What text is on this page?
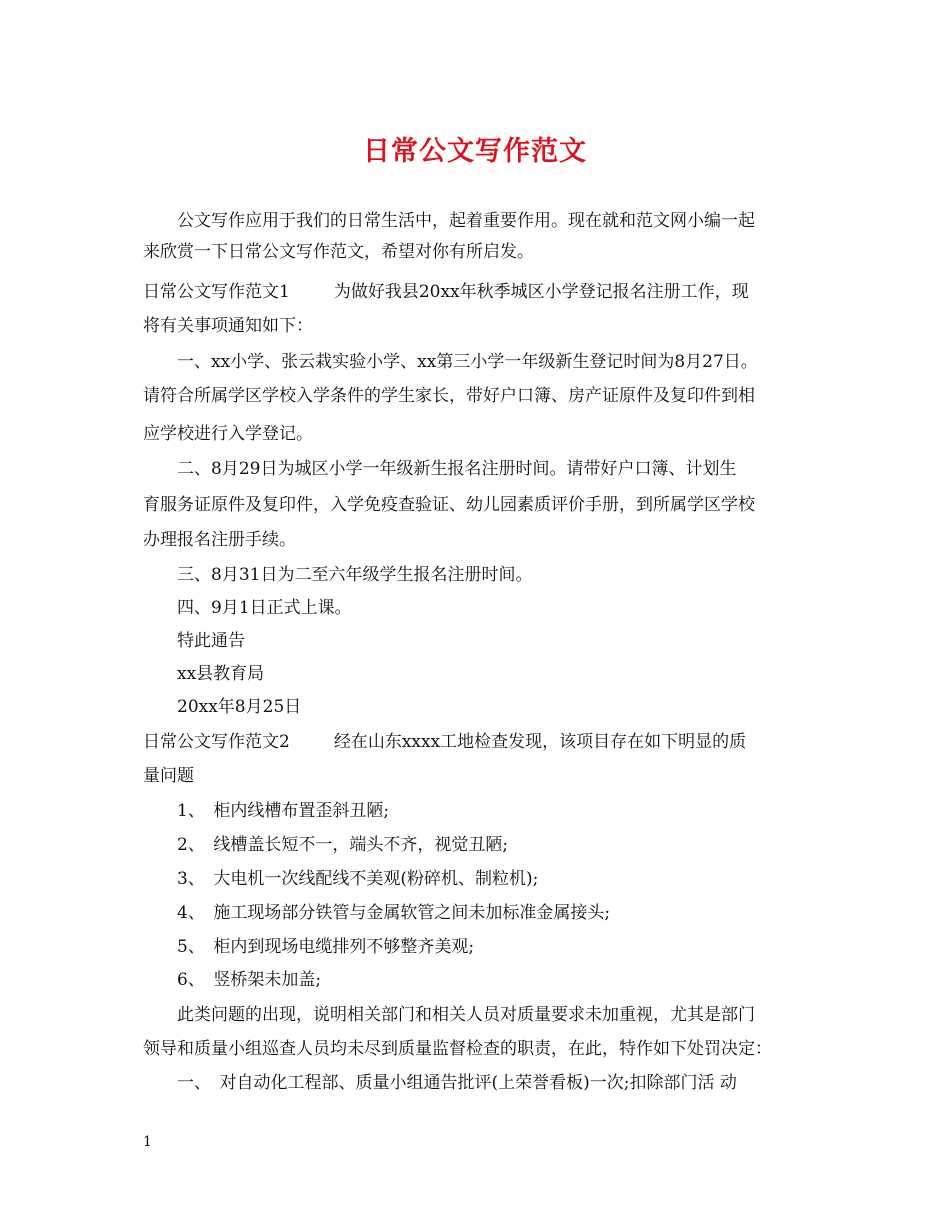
日常公文写作范文
公文写作应用于我们的日常生活中，起着重要作用。现在就和范文网小编一起
来欣赏一下日常公文写作范文，希望对你有所启发。
日常公文写作范文1	为做好我县20xx年秋季城区小学登记报名注册工作，现
将有关事项通知如下：
一、xx小学、张云栽实验小学、xx第三小学一年级新生登记时间为8月27日。
请符合所属学区学校入学条件的学生家长，带好户口簿、房产证原件及复印件到相
应学校进行入学登记。
二、8月29日为城区小学一年级新生报名注册时间。请带好户口簿、计划生
育服务证原件及复印件，入学免疫查验证、幼儿园素质评价手册，到所属学区学校
办理报名注册手续。
三、8月31日为二至六年级学生报名注册时间。
四、9月1日正式上课。
特此通告
xx县教育局
20xx年8月25日
日常公文写作范文2	经在山东xxxx工地检查发现，该项目存在如下明显的质
量问题
1、　柜内线槽布置歪斜丑陋;
2、　线槽盖长短不一，端头不齐，视觉丑陋;
3、　大电机一次线配线不美观(粉碎机、制粒机);
4、　施工现场部分铁管与金属软管之间未加标准金属接头;
5、　柜内到现场电缆排列不够整齐美观;
6、　竖桥架未加盖;
此类问题的出现，说明相关部门和相关人员对质量要求未加重视，尤其是部门
领导和质量小组巡查人员均未尽到质量监督检查的职责，在此，特作如下处罚决定：
一、　对自动化工程部、质量小组通告批评(上荣誉看板)一次;扣除部门活 动
1
